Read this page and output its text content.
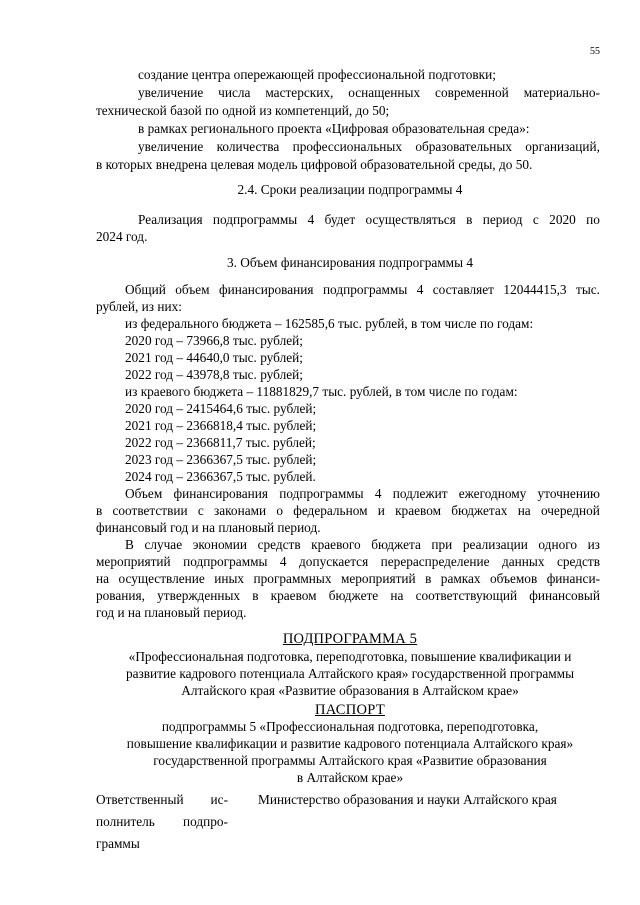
55
создание центра опережающей профессиональной подготовки;
увеличение числа мастерских, оснащенных современной материально-
технической базой по одной из компетенций, до 50;
в рамках регионального проекта «Цифровая образовательная среда»:
увеличение количества профессиональных образовательных организаций,
в которых внедрена целевая модель цифровой образовательной среды, до 50.
2.4. Сроки реализации подпрограммы 4
Реализация подпрограммы 4 будет осуществляться в период с 2020 по
2024 год.
3. Объем финансирования подпрограммы 4
Общий объем финансирования подпрограммы 4 составляет 12044415,3 тыс.
рублей, из них:
из федерального бюджета – 162585,6 тыс. рублей, в том числе по годам:
2020 год – 73966,8 тыс. рублей;
2021 год – 44640,0 тыс. рублей;
2022 год – 43978,8 тыс. рублей;
из краевого бюджета – 11881829,7 тыс. рублей, в том числе по годам:
2020 год – 2415464,6 тыс. рублей;
2021 год – 2366818,4 тыс. рублей;
2022 год – 2366811,7 тыс. рублей;
2023 год – 2366367,5 тыс. рублей;
2024 год – 2366367,5 тыс. рублей.
Объем финансирования подпрограммы 4 подлежит ежегодному уточнению
в соответствии с законами о федеральном и краевом бюджетах на очередной
финансовый год и на плановый период.
В случае экономии средств краевого бюджета при реализации одного из
мероприятий подпрограммы 4 допускается перераспределение данных средств
на осуществление иных программных мероприятий в рамках объемов финанси-
рования, утвержденных в краевом бюджете на соответствующий финансовый
год и на плановый период.
ПОДПРОГРАММА 5
«Профессиональная подготовка, переподготовка, повышение квалификации и
развитие кадрового потенциала Алтайского края» государственной программы
Алтайского края «Развитие образования в Алтайском крае»
ПАСПОРТ
подпрограммы 5 «Профессиональная подготовка, переподготовка,
повышение квалификации и развитие кадрового потенциала Алтайского края»
государственной программы Алтайского края «Развитие образования
в Алтайском крае»
Ответственный ис-
полнитель подпро-
граммы
Министерство образования и науки Алтайского края
